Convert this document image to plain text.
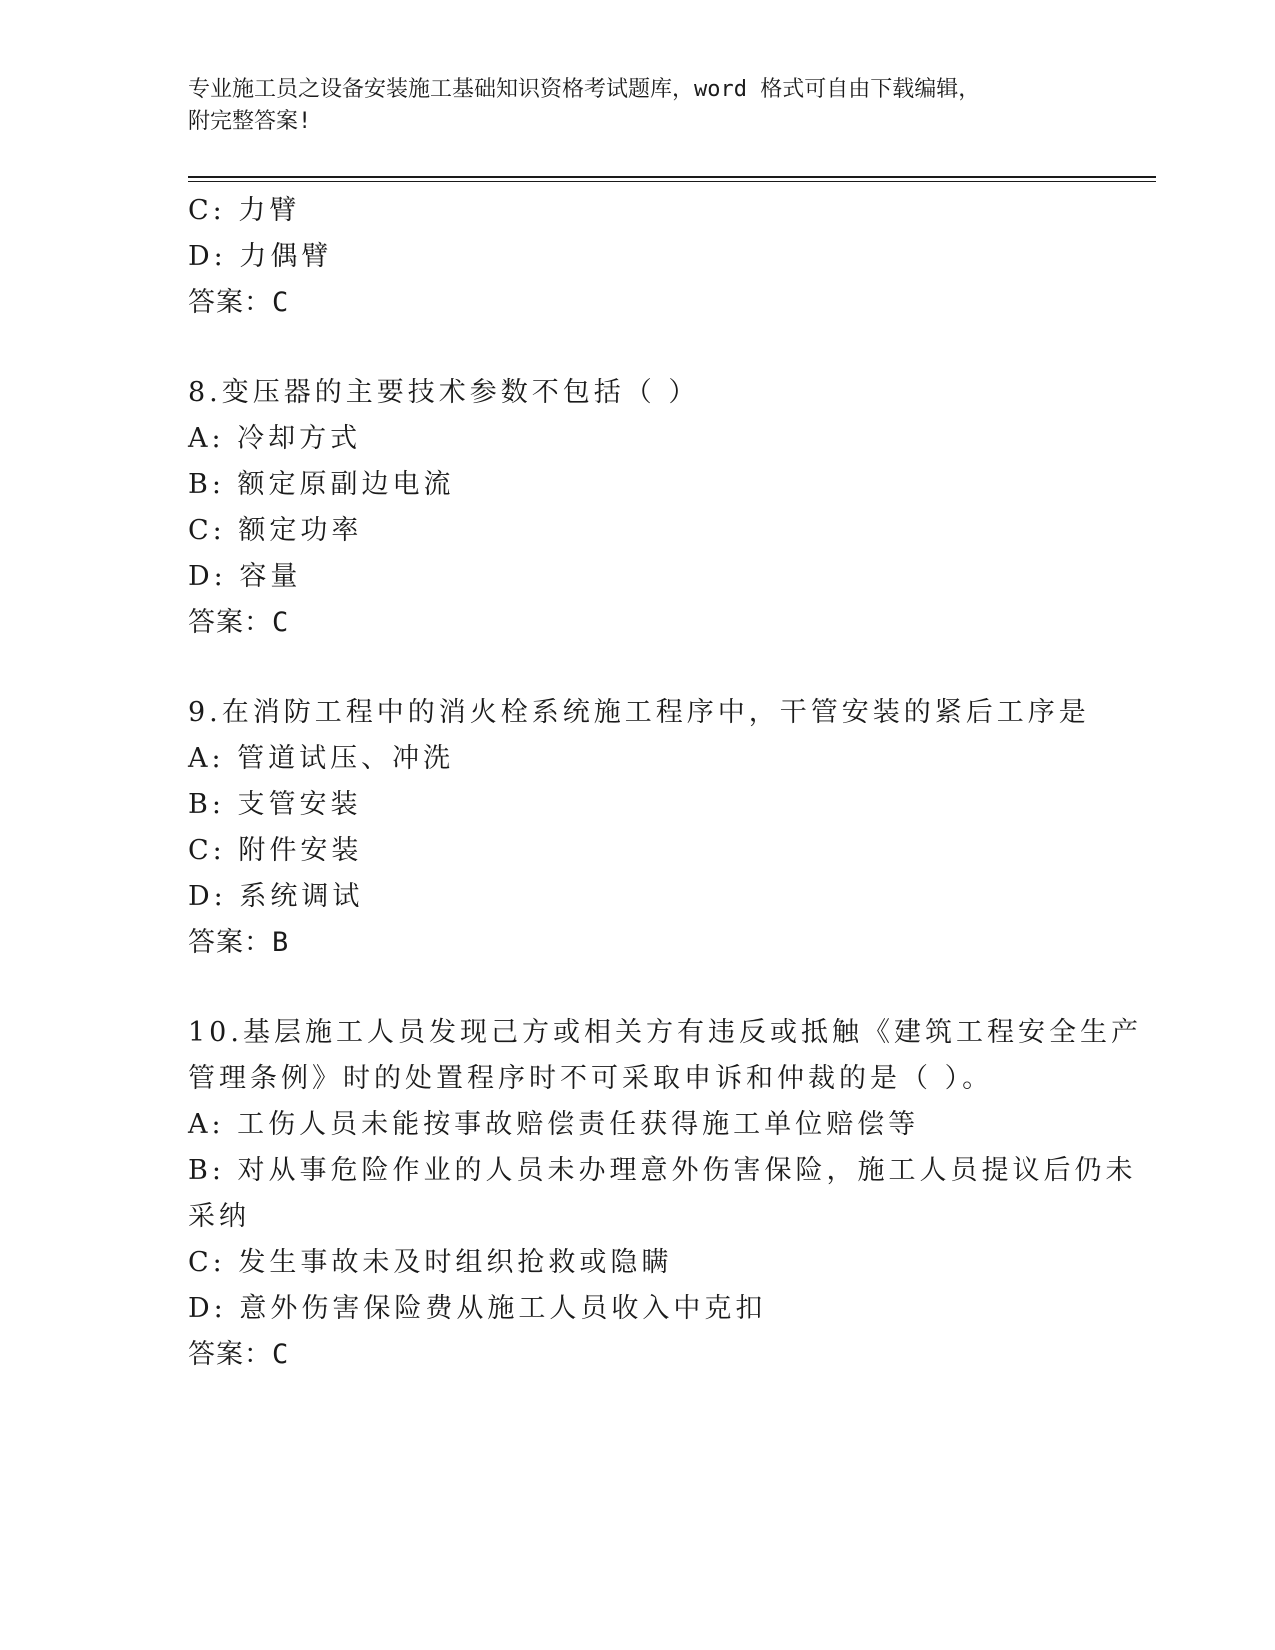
专业施工员之设备安装施工基础知识资格考试题库，word 格式可自由下载编辑，
附完整答案!
C: 力臂
D: 力偶臂
答案：C
8.变压器的主要技术参数不包括（ ）
A: 冷却方式
B: 额定原副边电流
C: 额定功率
D: 容量
答案：C
9.在消防工程中的消火栓系统施工程序中，干管安装的紧后工序是
A: 管道试压、冲洗
B: 支管安装
C: 附件安装
D: 系统调试
答案：B
10.基层施工人员发现己方或相关方有违反或抵触《建筑工程安全生产
管理条例》时的处置程序时不可采取申诉和仲裁的是（ ）。
A: 工伤人员未能按事故赔偿责任获得施工单位赔偿等
B: 对从事危险作业的人员未办理意外伤害保险，施工人员提议后仍未
采纳
C: 发生事故未及时组织抢救或隐瞒
D: 意外伤害保险费从施工人员收入中克扣
答案：C
